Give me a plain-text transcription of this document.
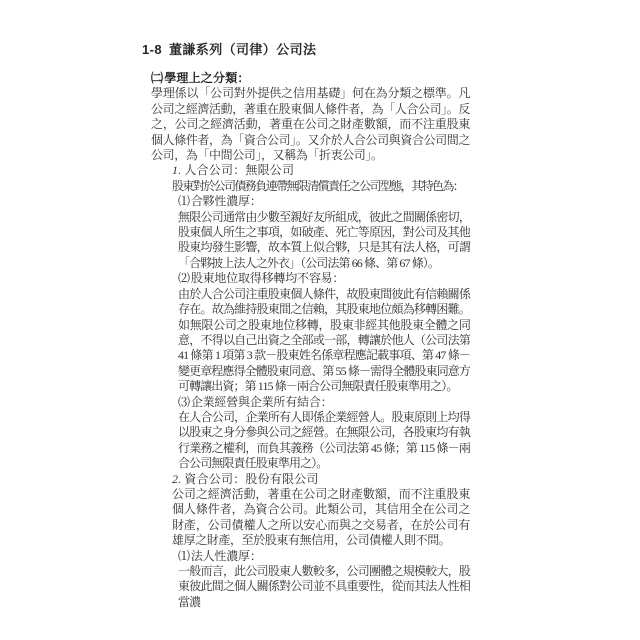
1-8 董謙系列（司律）公司法
㈡學理上之分類：

學理係以「公司對外提供之信用基礎」何在為分類之標準。凡公司之經濟活動，著重在股東個人條件者，為「人合公司」。反之，公司之經濟活動，著重在公司之財產數額，而不注重股東個人條件者，為「資合公司」。又介於人合公司與資合公司間之公司，為「中間公司」，又稱為「折衷公司」。

1. 人合公司：無限公司

股東對於公司債務負連帶無限清償責任之公司型態，其特色為：

⑴合夥性濃厚：

無限公司通常由少數至親好友所組成，彼此之間關係密切，股東個人所生之事項，如破產、死亡等原因，對公司及其他股東均發生影響，故本質上似合夥，只是其有法人格，可謂「合夥披上法人之外衣」（公司法第 66 條、第 67 條）。

⑵股東地位取得移轉均不容易：

由於人合公司注重股東個人條件，故股東間彼此有信賴關係存在。故為維持股東間之信賴，其股東地位頗為移轉困難。如無限公司之股東地位移轉，股東非經其他股東全體之同意，不得以自己出資之全部或一部，轉讓於他人（公司法第 41 條第 1 項第 3 款－股東姓名係章程應記載事項、第 47 條－變更章程應得全體股東同意、第 55 條－需得全體股東同意方可轉讓出資；第 115 條－兩合公司無限責任股東準用之）。

⑶企業經營與企業所有結合：

在人合公司，企業所有人即係企業經營人。股東原則上均得以股東之身分參與公司之經營。在無限公司，各股東均有執行業務之權利，而負其義務（公司法第 45 條；第 115 條－兩合公司無限責任股東準用之）。

2. 資合公司：股份有限公司

公司之經濟活動，著重在公司之財產數額，而不注重股東個人條件者，為資合公司。此類公司，其信用全在公司之財產，公司債權人之所以安心而與之交易者，在於公司有雄厚之財產，至於股東有無信用，公司債權人則不問。

⑴法人性濃厚：

一般而言，此公司股東人數較多，公司團體之規模較大，股東彼此間之個人關係對公司並不具重要性，從而其法人性相當濃
